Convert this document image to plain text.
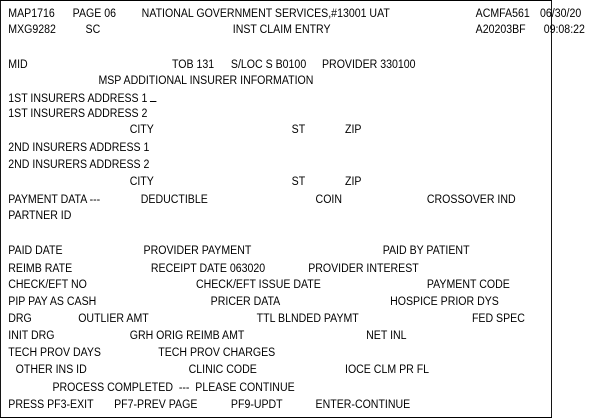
MAP1716 PAGE 06 NATIONAL GOVERNMENT SERVICES,#13001 UAT	ACMFA561 06/30/20
MXG9282	SC	INST CLAIM ENTRY	A20203BF 09:08:22
MID	TOB 131 S/LOC S B0100 PROVIDER 330100
MSP ADDITIONAL INSURER INFORMATION
1ST INSURERS ADDRESS 1
1ST INSURERS ADDRESS 2
CITY	ST	ZIP
2ND INSURERS ADDRESS 1
2ND INSURERS ADDRESS 2
CITY	ST	ZIP
PAYMENT DATA ---	DEDUCTIBLE	COIN	CROSSOVER IND
PARTNER ID
PAID DATE	PROVIDER PAYMENT	PAID BY PATIENT
REIMB RATE	RECEIPT DATE 063020	PROVIDER INTEREST
CHECK/EFT NO	CHECK/EFT ISSUE DATE	PAYMENT CODE
PIP PAY AS CASH	PRICER DATA	HOSPICE PRIOR DYS
DRG	OUTLIER AMT	TTL BLNDED PAYMT	FED SPEC
INIT DRG	GRH ORIG REIMB AMT	NET INL
TECH PROV DAYS	TECH PROV CHARGES
OTHER INS ID	CLINIC CODE	IOCE CLM PR FL
PROCESS COMPLETED  ---  PLEASE CONTINUE
PRESS PF3-EXIT PF7-PREV PAGE	PF9-UPDT	ENTER-CONTINUE
